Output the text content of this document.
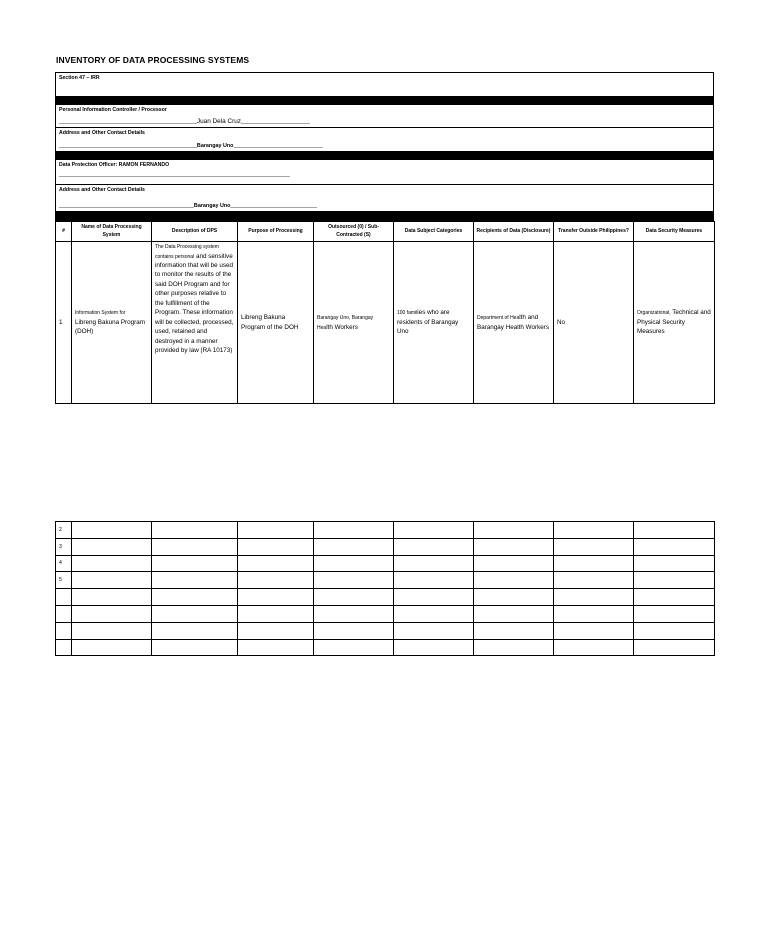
INVENTORY OF DATA PROCESSING SYSTEMS
Section 47 – IRR
Personal Information Controller / Processor
______________________________________________Juan Dela Cruz_______________________
Address and Other Contact Details
______________________________________________Barangay Uno______________________________
Data Protection Officer: RAMON FERNANDO
_____________________________________________________________________________
Address and Other Contact Details
_____________________________________________Barangay Uno_____________________________
#	Name of Data Processing System	Description of DPS	Purpose of Processing	Outsourced (0) / Sub-Contracted (S)	Data Subject Categories	Recipients of Data (Disclosure)	Transfer Outside Philippines?	Data Security Measures
1	Information System for Libreng Bakuna Program (DOH)	The Data Processing system contains personal and sensitive information that will be used to monitor the results of the said DOH Program and for other purposes relative to the fulfillment of the Program. These information will be collected, processed, used, retained and destroyed in a manner provided by law (RA 10173)	Libreng Bakuna Program of the DOH	Barangay Uno, Barangay Health Workers	100 families who are residents of Barangay Uno	Department of Health and Barangay Health Workers	No	Organizational, Technical and Physical Security Measures
2								
3								
4								
5								
